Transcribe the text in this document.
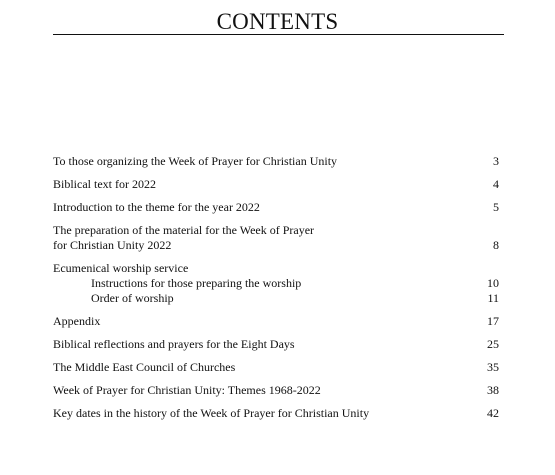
CONTENTS
To those organizing the Week of Prayer for Christian Unity	3
Biblical text for 2022	4
Introduction to the theme for the year 2022	5
The preparation of the material for the Week of Prayer
for Christian Unity 2022	8
Ecumenical worship service
Instructions for those preparing the worship	10
Order of worship	11
Appendix	17
Biblical reflections and prayers for the Eight Days	25
The Middle East Council of Churches	35
Week of Prayer for Christian Unity: Themes 1968-2022	38
Key dates in the history of the Week of Prayer for Christian Unity	42
